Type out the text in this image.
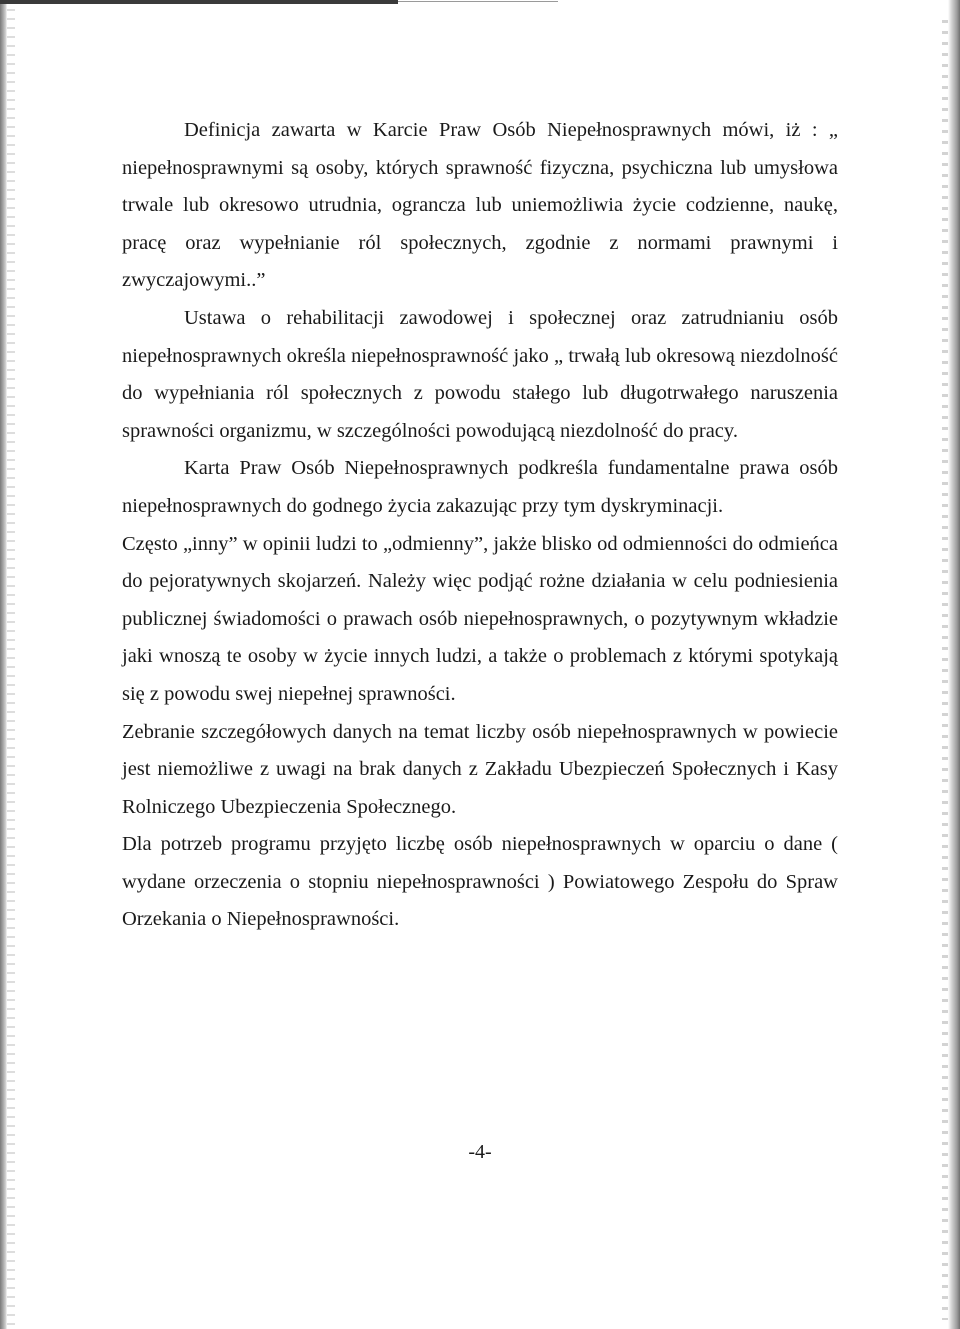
Definicja zawarta w Karcie Praw Osób Niepełnosprawnych mówi, iż : „ niepełnosprawnymi są osoby, których sprawność fizyczna, psychiczna lub umysłowa trwale lub okresowo utrudnia, ograncza lub uniemożliwia życie codzienne, naukę, pracę oraz wypełnianie ról społecznych, zgodnie z normami prawnymi i zwyczajowymi..”

Ustawa o rehabilitacji zawodowej i społecznej oraz zatrudnianiu osób niepełnosprawnych określa niepełnosprawność jako „ trwałą lub okresową niezdolność do wypełniania ról społecznych z powodu stałego lub długotrwałego naruszenia sprawności organizmu, w szczególności powodującą niezdolność do pracy.

Karta Praw Osób Niepełnosprawnych podkreśla fundamentalne prawa osób niepełnosprawnych do godnego życia zakazując przy tym dyskryminacji.

Często „inny” w opinii ludzi to „odmienny”, jakże blisko od odmienności do odmieńca do pejoratywnych skojarzeń. Należy więc podjąć rożne działania w celu podniesienia publicznej świadomości o prawach osób niepełnosprawnych, o pozytywnym wkładzie jaki wnoszą te osoby w życie innych ludzi, a także o problemach z którymi spotykają się z powodu swej niepełnej sprawności.

Zebranie szczegółowych danych na temat liczby osób niepełnosprawnych w powiecie jest niemożliwe z uwagi na brak danych z Zakładu Ubezpieczeń Społecznych i Kasy Rolniczego Ubezpieczenia Społecznego.

Dla potrzeb programu przyjęto liczbę osób niepełnosprawnych w oparciu o dane ( wydane orzeczenia o stopniu niepełnosprawności ) Powiatowego Zespołu do Spraw Orzekania o Niepełnosprawności.

-4-
